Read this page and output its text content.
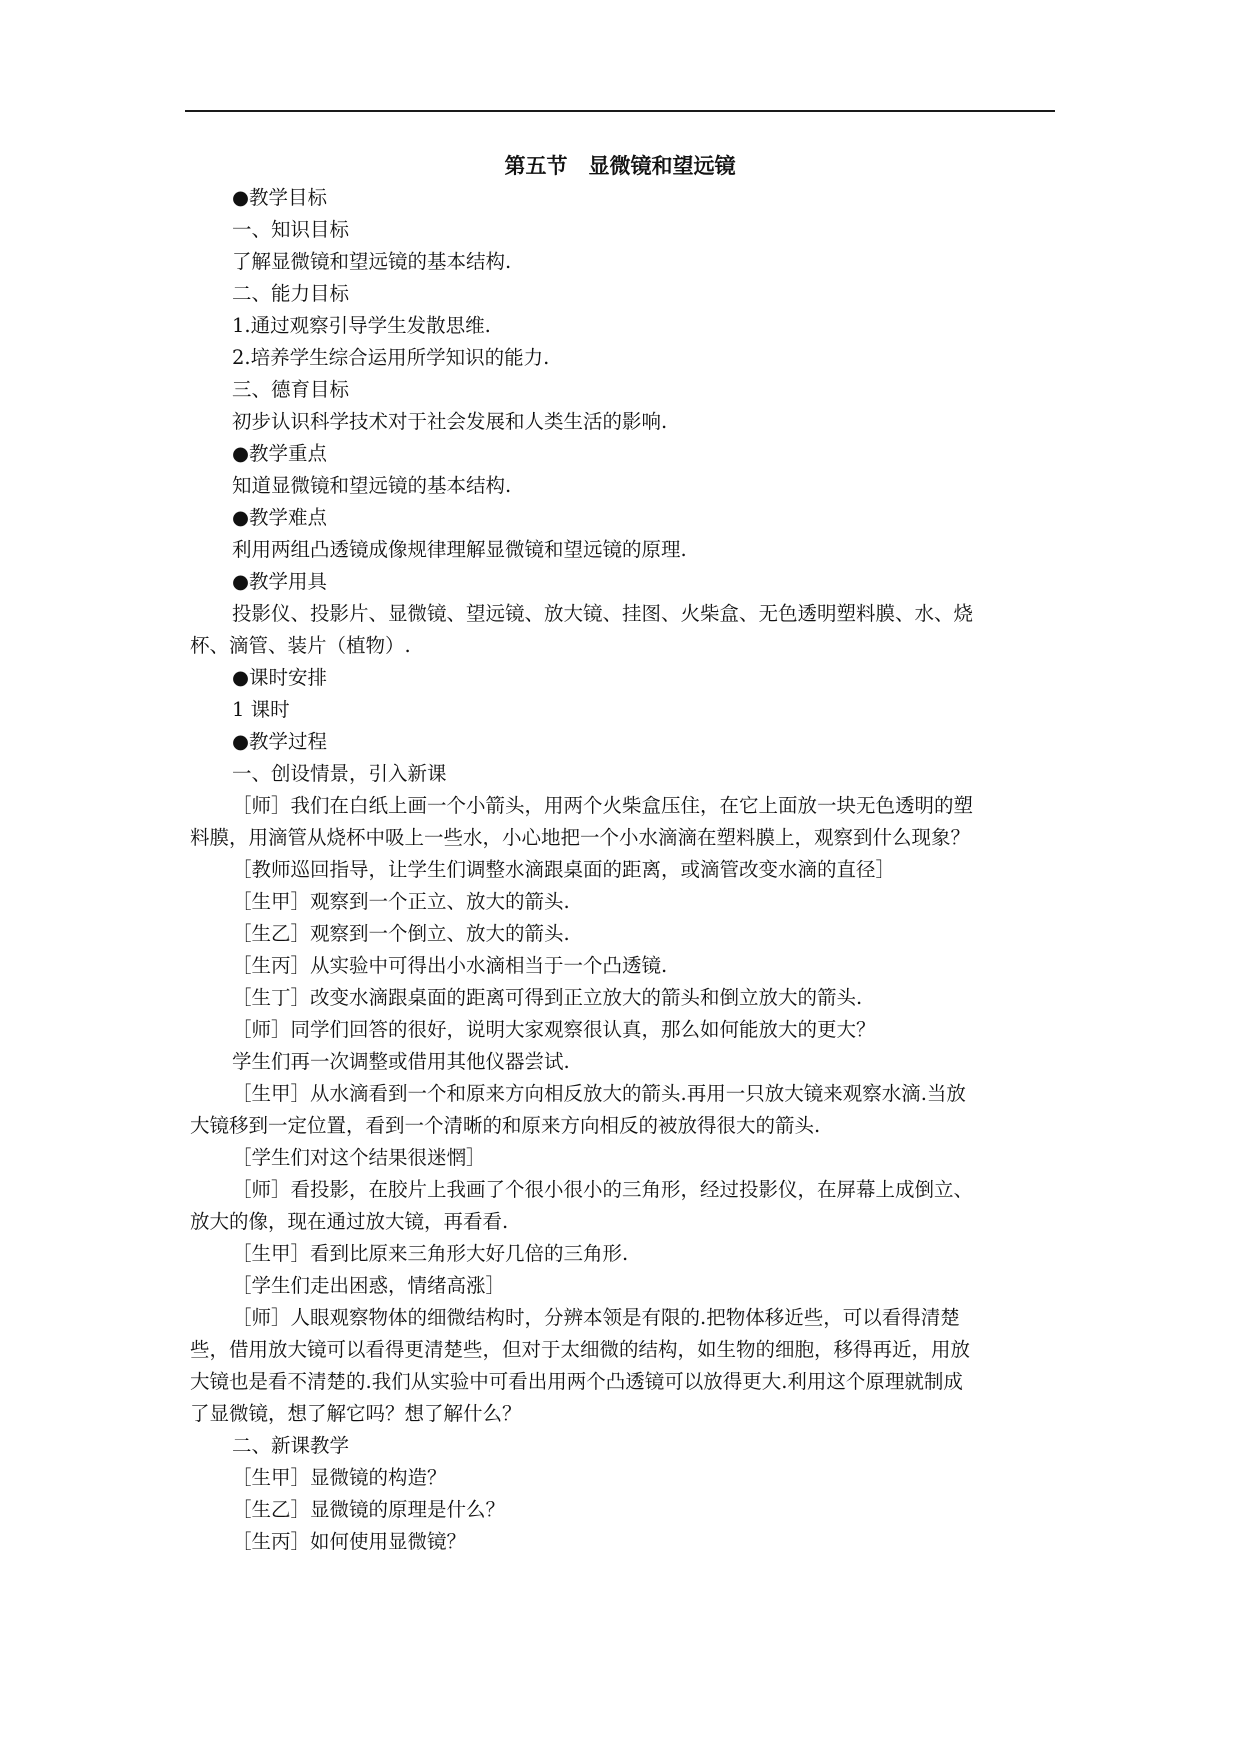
第五节　显微镜和望远镜
●教学目标
一、知识目标
了解显微镜和望远镜的基本结构.
二、能力目标
1.通过观察引导学生发散思维.
2.培养学生综合运用所学知识的能力.
三、德育目标
初步认识科学技术对于社会发展和人类生活的影响.
●教学重点
知道显微镜和望远镜的基本结构.
●教学难点
利用两组凸透镜成像规律理解显微镜和望远镜的原理.
●教学用具
投影仪、投影片、显微镜、望远镜、放大镜、挂图、火柴盒、无色透明塑料膜、水、烧
杯、滴管、装片（植物）.
●课时安排
1 课时
●教学过程
一、创设情景，引入新课
［师］我们在白纸上画一个小箭头，用两个火柴盒压住，在它上面放一块无色透明的塑
料膜，用滴管从烧杯中吸上一些水，小心地把一个小水滴滴在塑料膜上，观察到什么现象？
［教师巡回指导，让学生们调整水滴跟桌面的距离，或滴管改变水滴的直径］
［生甲］观察到一个正立、放大的箭头.
［生乙］观察到一个倒立、放大的箭头.
［生丙］从实验中可得出小水滴相当于一个凸透镜.
［生丁］改变水滴跟桌面的距离可得到正立放大的箭头和倒立放大的箭头.
［师］同学们回答的很好，说明大家观察很认真，那么如何能放大的更大？
学生们再一次调整或借用其他仪器尝试.
［生甲］从水滴看到一个和原来方向相反放大的箭头.再用一只放大镜来观察水滴.当放
大镜移到一定位置，看到一个清晰的和原来方向相反的被放得很大的箭头.
［学生们对这个结果很迷惘］
［师］看投影，在胶片上我画了个很小很小的三角形，经过投影仪，在屏幕上成倒立、
放大的像，现在通过放大镜，再看看.
［生甲］看到比原来三角形大好几倍的三角形.
［学生们走出困惑，情绪高涨］
［师］人眼观察物体的细微结构时，分辨本领是有限的.把物体移近些，可以看得清楚
些，借用放大镜可以看得更清楚些，但对于太细微的结构，如生物的细胞，移得再近，用放
大镜也是看不清楚的.我们从实验中可看出用两个凸透镜可以放得更大.利用这个原理就制成
了显微镜，想了解它吗？想了解什么？
二、新课教学
［生甲］显微镜的构造？
［生乙］显微镜的原理是什么？
［生丙］如何使用显微镜？
